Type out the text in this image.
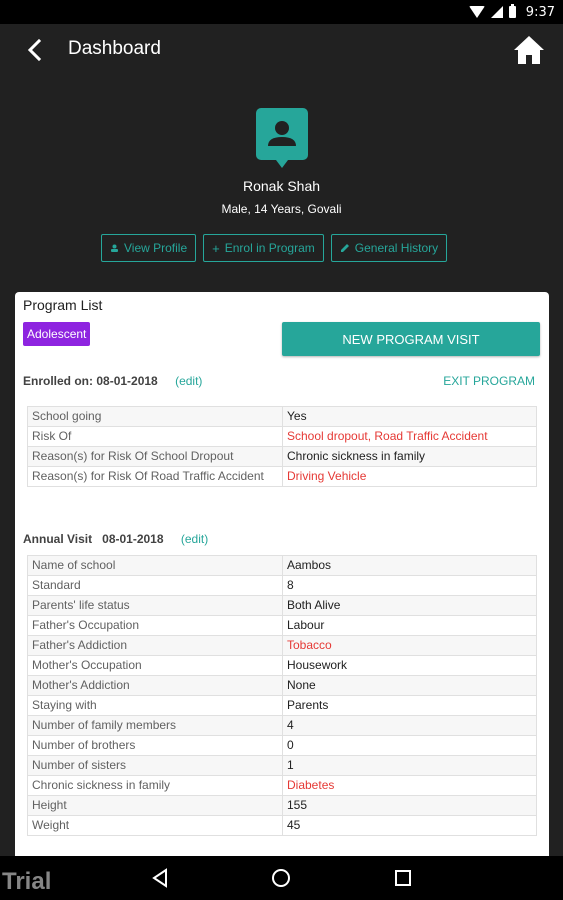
9:37
Dashboard
Ronak Shah
Male, 14 Years, Govali
View Profile + Enrol in Program	General History
Program List
Adolescent	NEW PROGRAM VISIT
Enrolled on: 08-01-2018 (edit)	EXIT PROGRAM
School going	Yes
Risk Of	School dropout, Road Traffic Accident
Reason(s) for Risk Of School Dropout	Chronic sickness in family
Reason(s) for Risk Of Road Traffic Accident	Driving Vehicle
Annual Visit 08-01-2018 (edit)
Name of school	Aambos
Standard	8
Parents' life status	Both Alive
Father's Occupation	Labour
Father's Addiction	Tobacco
Mother's Occupation	Housework
Mother's Addiction	None
Staying with	Parents
Number of family members	4
Number of brothers	0
Number of sisters	1
Chronic sickness in family	Diabetes
Height	155
Weight	45
Trial
